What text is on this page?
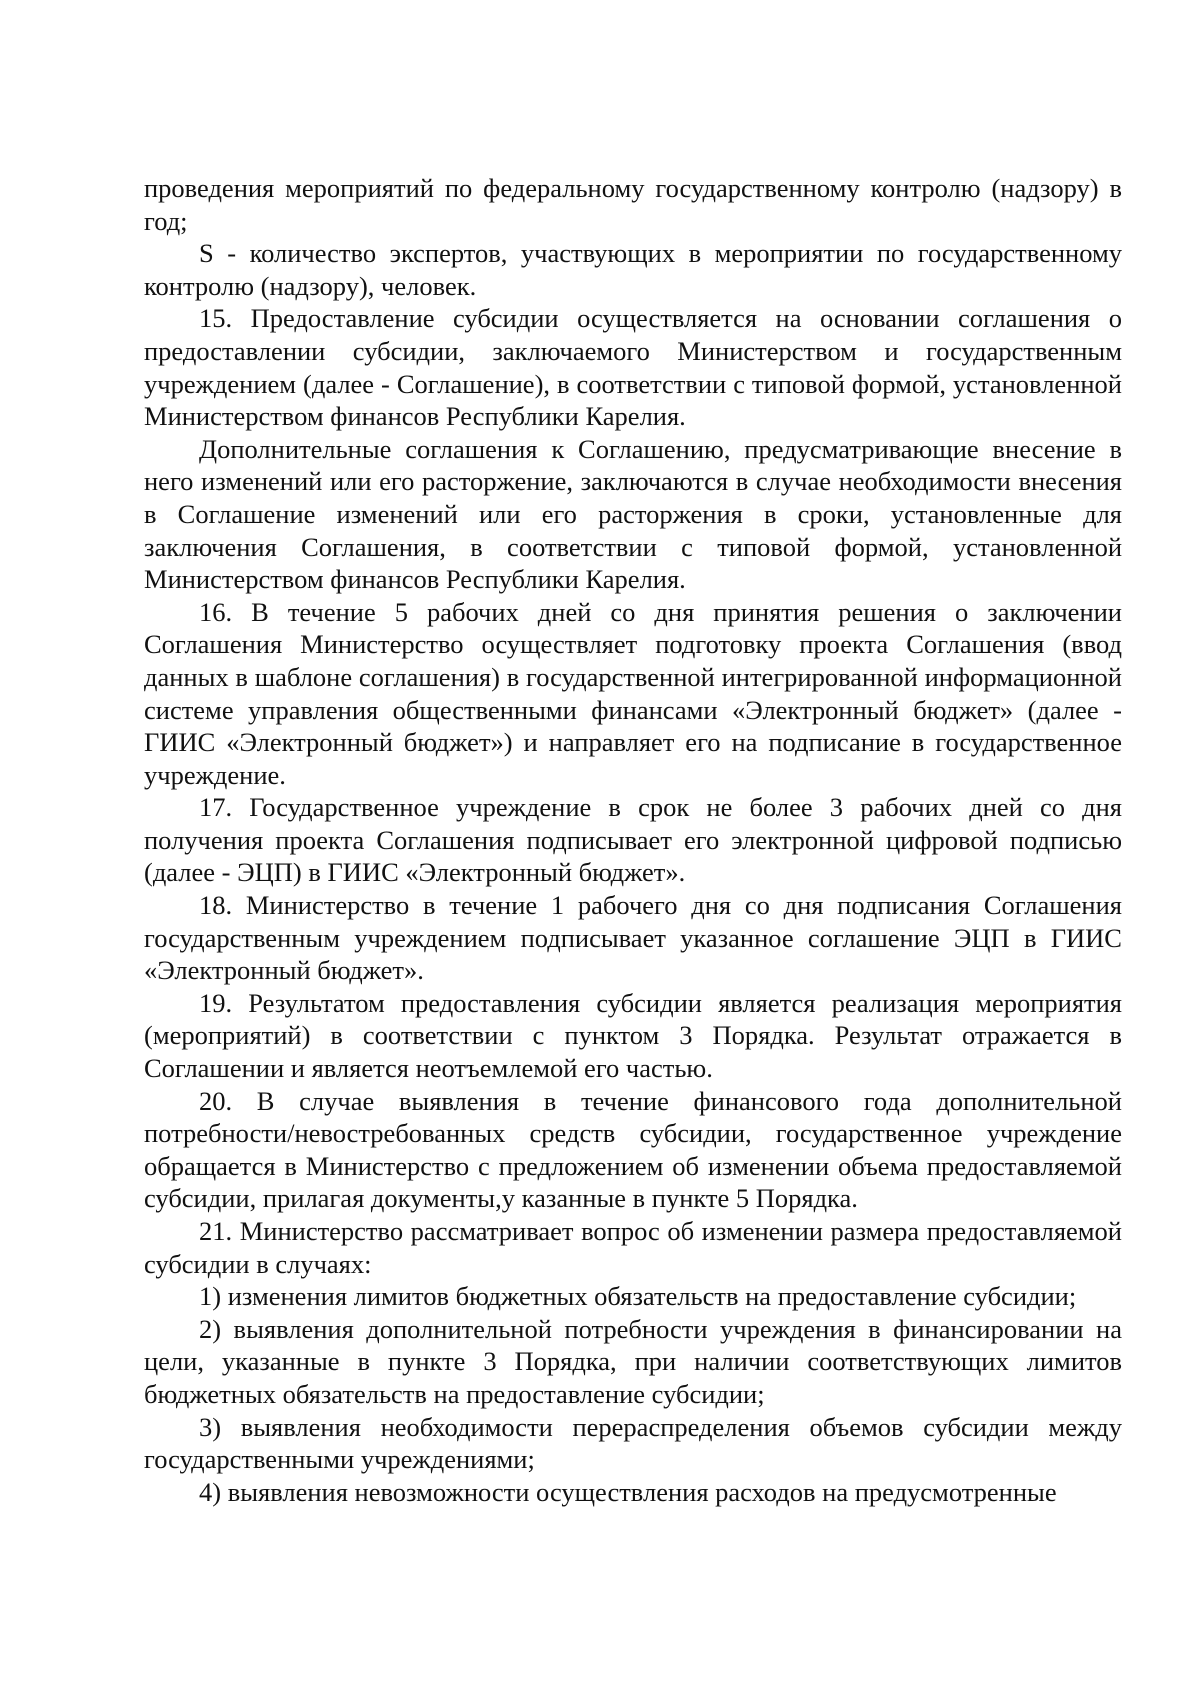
проведения мероприятий по федеральному государственному контролю (надзору) в год;

S - количество экспертов, участвующих в мероприятии по государственному контролю (надзору), человек.

15. Предоставление субсидии осуществляется на основании соглашения о предоставлении субсидии, заключаемого Министерством и государственным учреждением (далее - Соглашение), в соответствии с типовой формой, установленной Министерством финансов Республики Карелия.

Дополнительные соглашения к Соглашению, предусматривающие внесение в него изменений или его расторжение, заключаются в случае необходимости внесения в Соглашение изменений или его расторжения в сроки, установленные для заключения Соглашения, в соответствии с типовой формой, установленной Министерством финансов Республики Карелия.

16. В течение 5 рабочих дней со дня принятия решения о заключении Соглашения Министерство осуществляет подготовку проекта Соглашения (ввод данных в шаблоне соглашения) в государственной интегрированной информационной системе управления общественными финансами «Электронный бюджет» (далее - ГИИС «Электронный бюджет») и направляет его на подписание в государственное учреждение.

17. Государственное учреждение в срок не более 3 рабочих дней со дня получения проекта Соглашения подписывает его электронной цифровой подписью (далее - ЭЦП) в ГИИС «Электронный бюджет».

18. Министерство в течение 1 рабочего дня со дня подписания Соглашения государственным учреждением подписывает указанное соглашение ЭЦП в ГИИС «Электронный бюджет».

19. Результатом предоставления субсидии является реализация мероприятия (мероприятий) в соответствии с пунктом 3 Порядка. Результат отражается в Соглашении и является неотъемлемой его частью.

20. В случае выявления в течение финансового года дополнительной потребности/невостребованных средств субсидии, государственное учреждение обращается в Министерство с предложением об изменении объема предоставляемой субсидии, прилагая документы,у казанные в пункте 5 Порядка.

21. Министерство рассматривает вопрос об изменении размера предоставляемой субсидии в случаях:

1) изменения лимитов бюджетных обязательств на предоставление субсидии;

2) выявления дополнительной потребности учреждения в финансировании на цели, указанные в пункте 3 Порядка, при наличии соответствующих лимитов бюджетных обязательств на предоставление субсидии;

3) выявления необходимости перераспределения объемов субсидии между государственными учреждениями;

4) выявления невозможности осуществления расходов на предусмотренные
